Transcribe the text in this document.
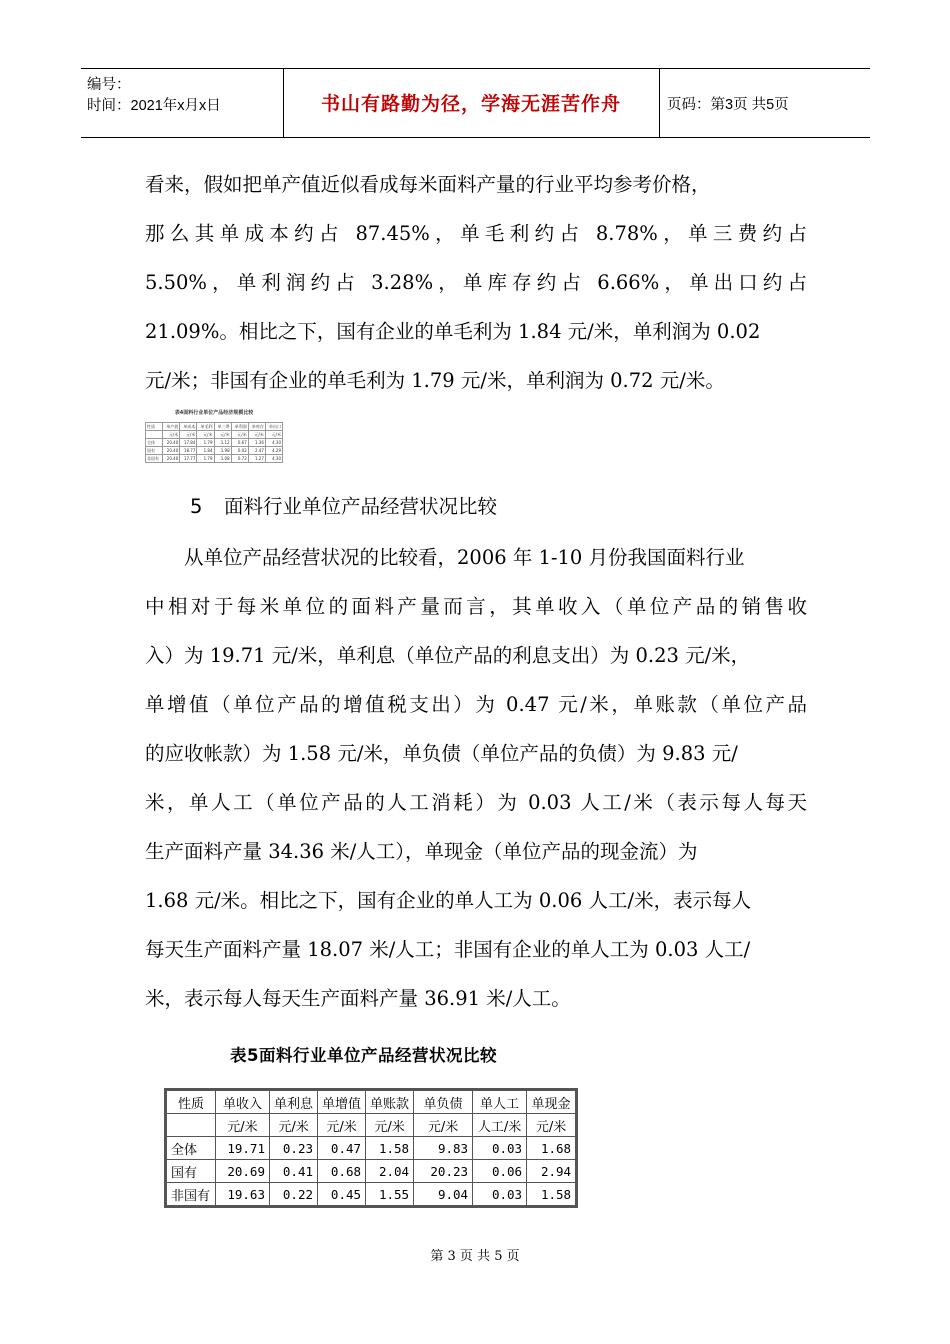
编号：
时间：2021年x月x日	书山有路勤为径，学海无涯苦作舟	页码：第3页 共5页
看来，假如把单产值近似看成每米面料产量的行业平均参考价格，
那么其单成本约占 87.45%，单毛利约占 8.78%，单三费约占
5.50%，单利润约占 3.28%，单库存约占 6.66%，单出口约占
21.09%。相比之下，国有企业的单毛利为 1.84 元/米，单利润为 0.02
元/米；非国有企业的单毛利为 1.79 元/米，单利润为 0.72 元/米。
表4面料行业单位产品经济规模比较
性质	单产值	单成本	单毛利	单三费	单利润	单库存	单出口
	元/米	元/米	元/米	元/米	元/米	元/米	元/米
全体	20.40	17.84	1.79	1.12	0.67	1.36	4.30
国有	20.40	18.77	1.84	1.98	0.02	2.47	4.29
非国有	20.40	17.77	1.79	1.08	0.72	1.27	4.30
5 面料行业单位产品经营状况比较
从单位产品经营状况的比较看，2006 年 1-10 月份我国面料行业
中相对于每米单位的面料产量而言，其单收入（单位产品的销售收
入）为 19.71 元/米，单利息（单位产品的利息支出）为 0.23 元/米，
单增值（单位产品的增值税支出）为 0.47 元/米，单账款（单位产品
的应收帐款）为 1.58 元/米，单负债（单位产品的负债）为 9.83 元/
米，单人工（单位产品的人工消耗）为 0.03 人工/米（表示每人每天
生产面料产量 34.36 米/人工），单现金（单位产品的现金流）为
1.68 元/米。相比之下，国有企业的单人工为 0.06 人工/米，表示每人
每天生产面料产量 18.07 米/人工；非国有企业的单人工为 0.03 人工/
米，表示每人每天生产面料产量 36.91 米/人工。
表5面料行业单位产品经营状况比较
性质	单收入	单利息	单增值	单账款	单负债	单人工	单现金
	元/米	元/米	元/米	元/米	元/米	人工/米	元/米
全体	19.71	0.23	0.47	1.58	9.83	0.03	1.68
国有	20.69	0.41	0.68	2.04	20.23	0.06	2.94
非国有	19.63	0.22	0.45	1.55	9.04	0.03	1.58
第 3 页 共 5 页
